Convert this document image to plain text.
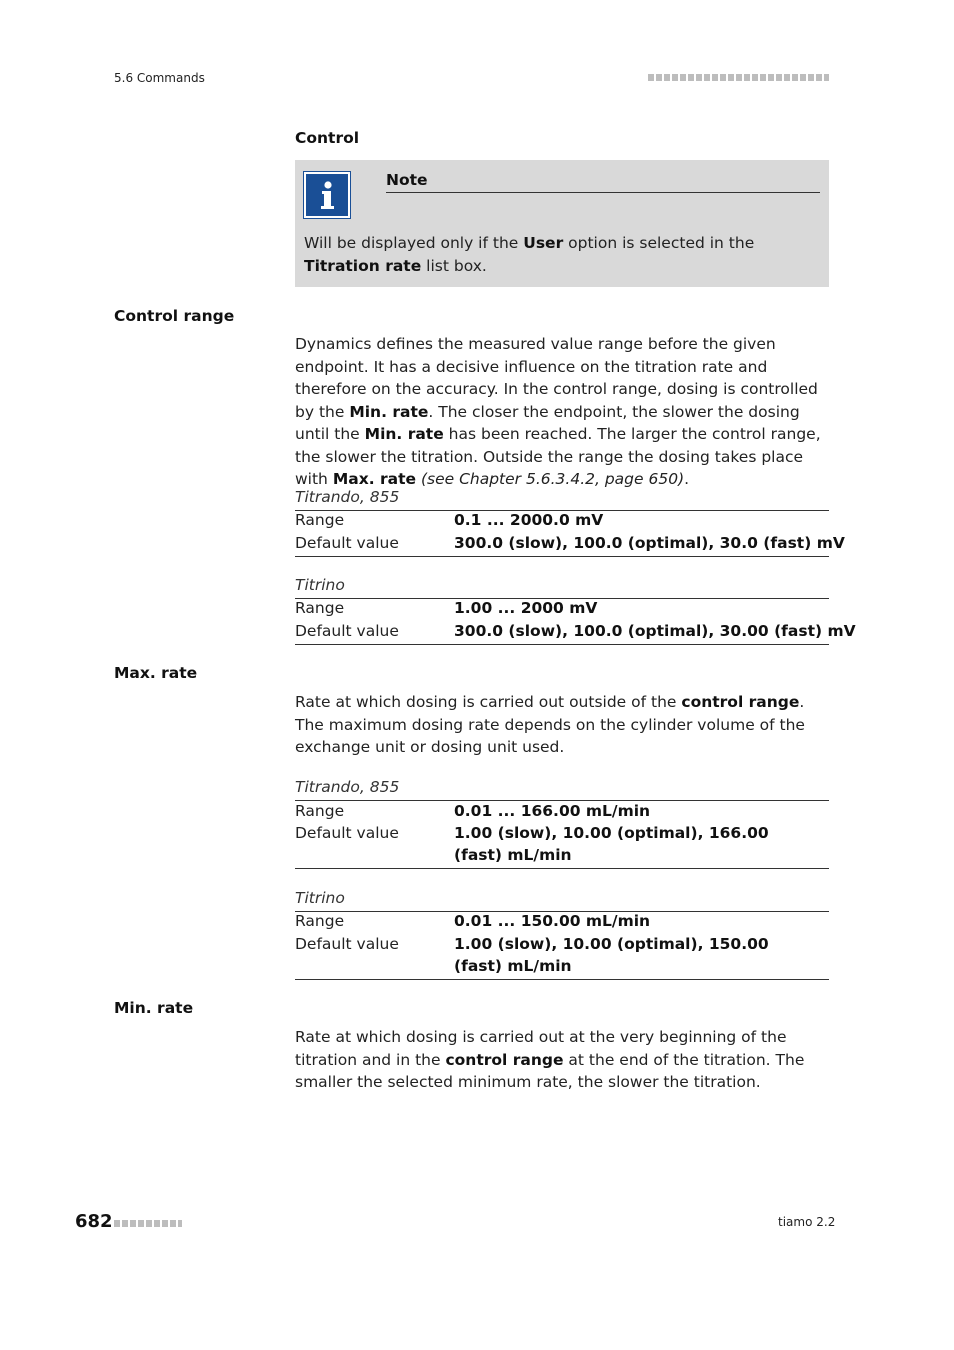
5.6 Commands
Control
Note
Will be displayed only if the User option is selected in the Titration rate list box.
Control range
Dynamics defines the measured value range before the given endpoint. It has a decisive influence on the titration rate and therefore on the accuracy. In the control range, dosing is controlled by the Min. rate. The closer the endpoint, the slower the dosing until the Min. rate has been reached. The larger the control range, the slower the titration. Outside the range the dosing takes place with Max. rate (see Chapter 5.6.3.4.2, page 650).
Titrando, 855
Range	0.1 ... 2000.0 mV
Default value	300.0 (slow), 100.0 (optimal), 30.0 (fast) mV
Titrino
Range	1.00 ... 2000 mV
Default value	300.0 (slow), 100.0 (optimal), 30.00 (fast) mV
Max. rate
Rate at which dosing is carried out outside of the control range. The maximum dosing rate depends on the cylinder volume of the exchange unit or dosing unit used.
Titrando, 855
Range	0.01 ... 166.00 mL/min
Default value	1.00 (slow), 10.00 (optimal), 166.00
(fast) mL/min
Titrino
Range	0.01 ... 150.00 mL/min
Default value	1.00 (slow), 10.00 (optimal), 150.00
(fast) mL/min
Min. rate
Rate at which dosing is carried out at the very beginning of the titration and in the control range at the end of the titration. The smaller the selected minimum rate, the slower the titration.
682	tiamo 2.2
